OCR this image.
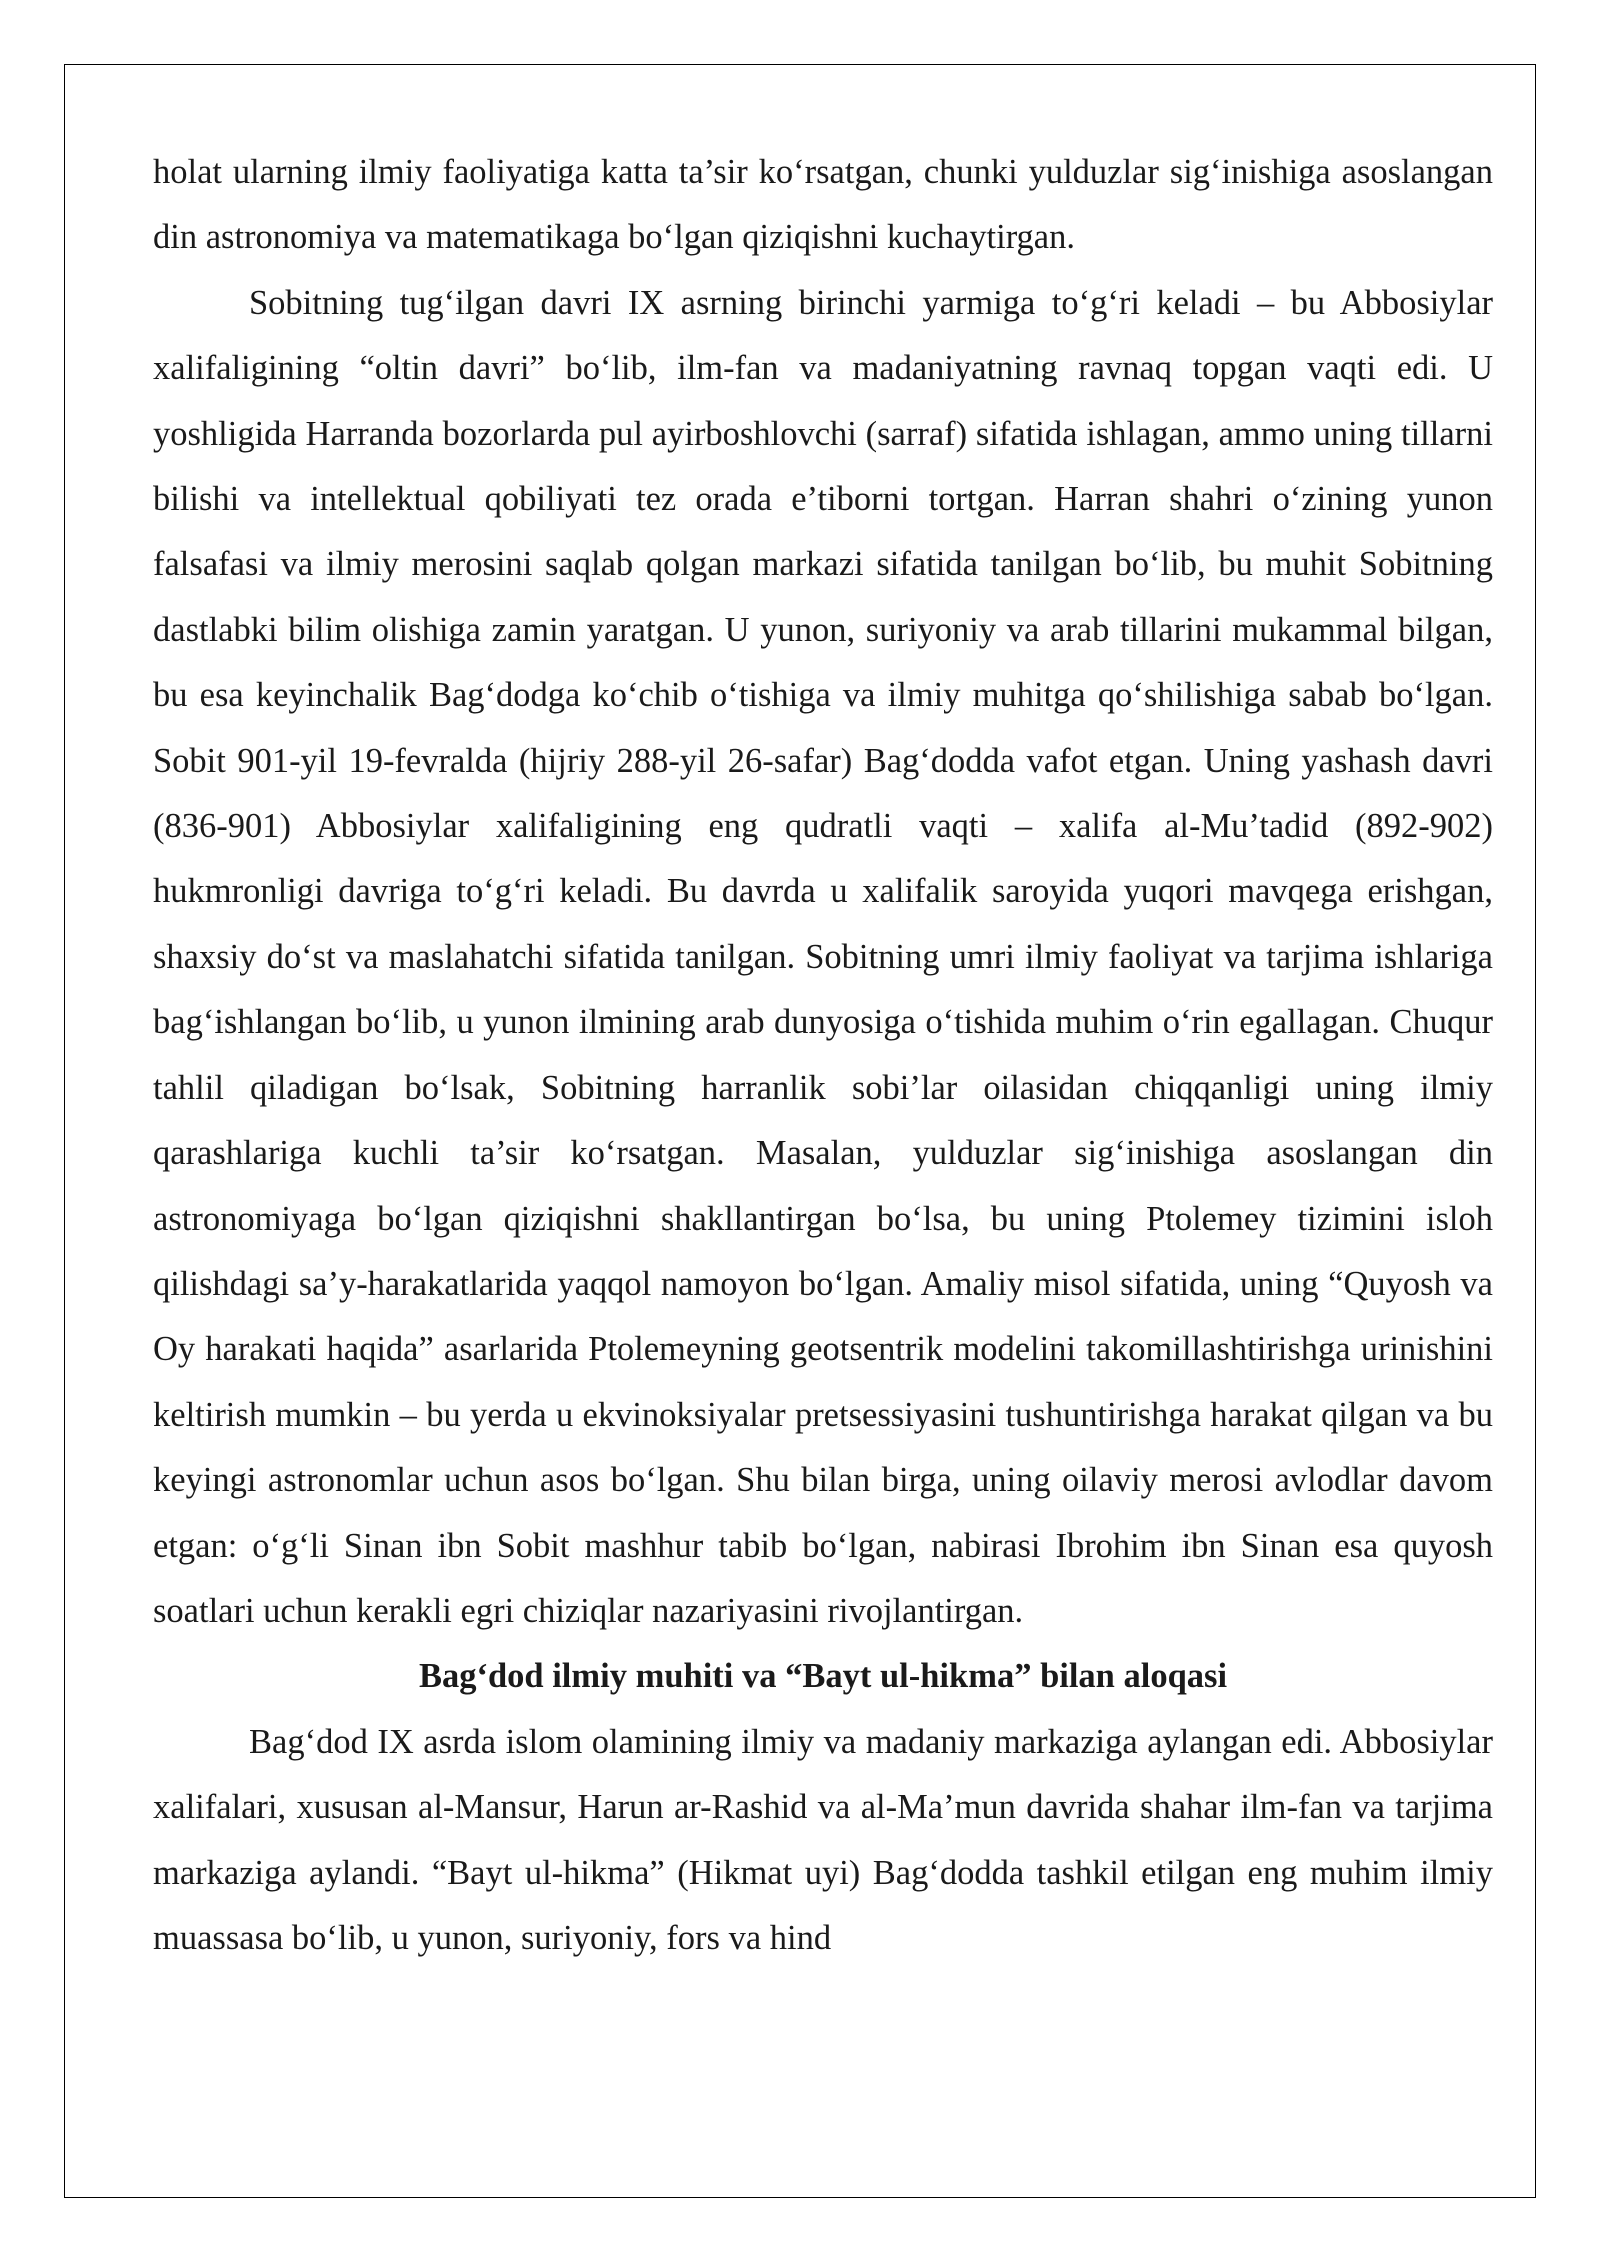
holat ularning ilmiy faoliyatiga katta ta’sir ko‘rsatgan, chunki yulduzlar sig‘inishiga asoslangan din astronomiya va matematikaga bo‘lgan qiziqishni kuchaytirgan.

Sobitning tug‘ilgan davri IX asrning birinchi yarmiga to‘g‘ri keladi – bu Abbosiylar xalifaligining “oltin davri” bo‘lib, ilm-fan va madaniyatning ravnaq topgan vaqti edi. U yoshligida Harranda bozorlarda pul ayirboshlovchi (sarraf) sifatida ishlagan, ammo uning tillarni bilishi va intellektual qobiliyati tez orada e’tiborni tortgan. Harran shahri o‘zining yunon falsafasi va ilmiy merosini saqlab qolgan markazi sifatida tanilgan bo‘lib, bu muhit Sobitning dastlabki bilim olishiga zamin yaratgan. U yunon, suriyoniy va arab tillarini mukammal bilgan, bu esa keyinchalik Bag‘dodga ko‘chib o‘tishiga va ilmiy muhitga qo‘shilishiga sabab bo‘lgan. Sobit 901-yil 19-fevralda (hijriy 288-yil 26-safar) Bag‘dodda vafot etgan. Uning yashash davri (836-901) Abbosiylar xalifaligining eng qudratli vaqti – xalifa al-Mu’tadid (892-902) hukmronligi davriga to‘g‘ri keladi. Bu davrda u xalifalik saroyida yuqori mavqega erishgan, shaxsiy do‘st va maslahatchi sifatida tanilgan. Sobitning umri ilmiy faoliyat va tarjima ishlariga bag‘ishlangan bo‘lib, u yunon ilmining arab dunyosiga o‘tishida muhim o‘rin egallagan. Chuqur tahlil qiladigan bo‘lsak, Sobitning harranlik sobi’lar oilasidan chiqqanligi uning ilmiy qarashlariga kuchli ta’sir ko‘rsatgan. Masalan, yulduzlar sig‘inishiga asoslangan din astronomiyaga bo‘lgan qiziqishni shakllantirgan bo‘lsa, bu uning Ptolemey tizimini isloh qilishdagi sa’y-harakatlarida yaqqol namoyon bo‘lgan. Amaliy misol sifatida, uning “Quyosh va Oy harakati haqida” asarlarida Ptolemeyning geotsentrik modelini takomillashtirishga urinishini keltirish mumkin – bu yerda u ekvinoksiyalar pretsessiyasini tushuntirishga harakat qilgan va bu keyingi astronomlar uchun asos bo‘lgan. Shu bilan birga, uning oilaviy merosi avlodlar davom etgan: o‘g‘li Sinan ibn Sobit mashhur tabib bo‘lgan, nabirasi Ibrohim ibn Sinan esa quyosh soatlari uchun kerakli egri chiziqlar nazariyasini rivojlantirgan.

Bag‘dod ilmiy muhiti va “Bayt ul-hikma” bilan aloqasi

Bag‘dod IX asrda islom olamining ilmiy va madaniy markaziga aylangan edi. Abbosiylar xalifalari, xususan al-Mansur, Harun ar-Rashid va al-Ma’mun davrida shahar ilm-fan va tarjima markaziga aylandi. “Bayt ul-hikma” (Hikmat uyi) Bag‘dodda tashkil etilgan eng muhim ilmiy muassasa bo‘lib, u yunon, suriyoniy, fors va hind
